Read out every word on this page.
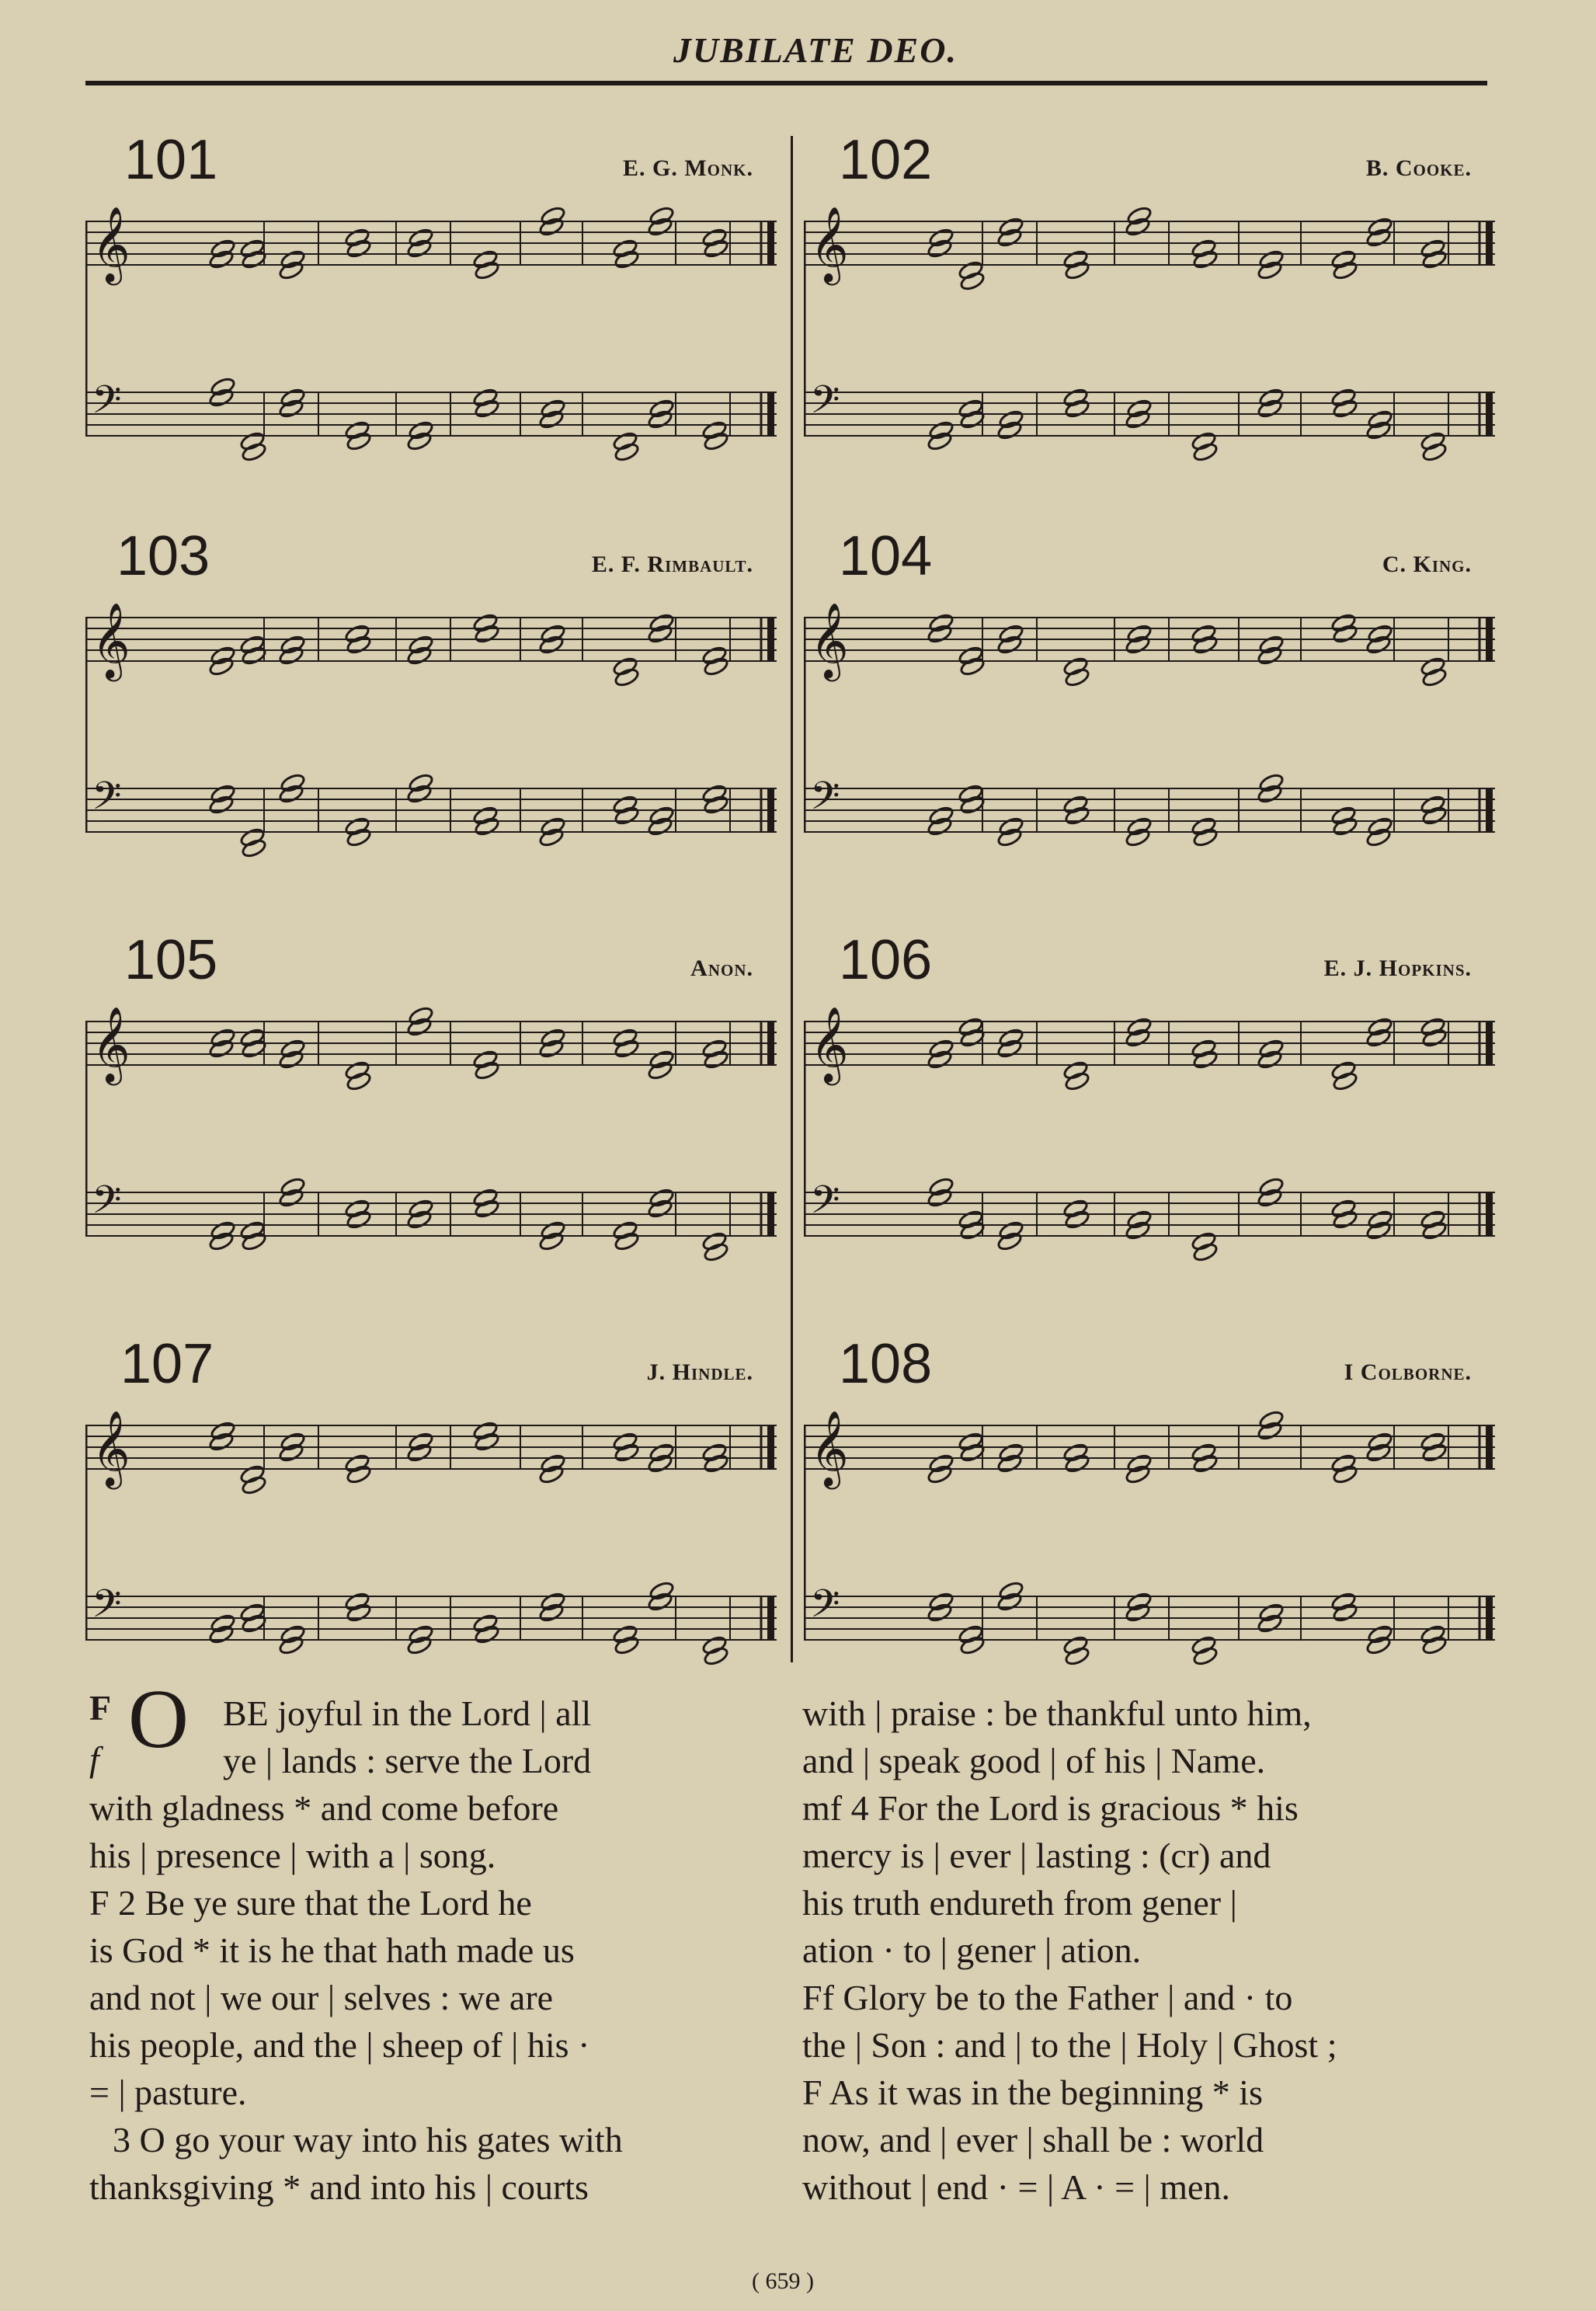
JUBILATE DEO.
𝄞
𝄢
101	E. G. Monk.
𝄞
𝄢
102	B. Cooke.
𝄞
𝄢
103	E. F. Rimbault.
𝄞
𝄢
104	C. King.
𝄞
𝄢
105	Anon.
𝄞
𝄢
106	E. J. Hopkins.
𝄞
𝄢
107	J. Hindle.
𝄞
𝄢
108	I Colborne.
F
f O BE joyful in the Lord | all
ye | lands : serve the Lord
with gladness * and come before
his | presence | with a | song.
F 2 Be ye sure that the Lord he
is God * it is he that hath made us
and not | we our | selves : we are
his people, and the | sheep of | his ·
= | pasture.
3 O go your way into his gates with
thanksgiving * and into his | courts
with | praise : be thankful unto him,
and | speak good | of his | Name.
mf 4 For the Lord is gracious * his
mercy is | ever | lasting : (cr) and
his truth endureth from gener |
ation · to | gener | ation.
Ff Glory be to the Father | and · to
the | Son : and | to the | Holy | Ghost ;
F As it was in the beginning * is
now, and | ever | shall be : world
without | end · = | A · = | men.
( 659 )
